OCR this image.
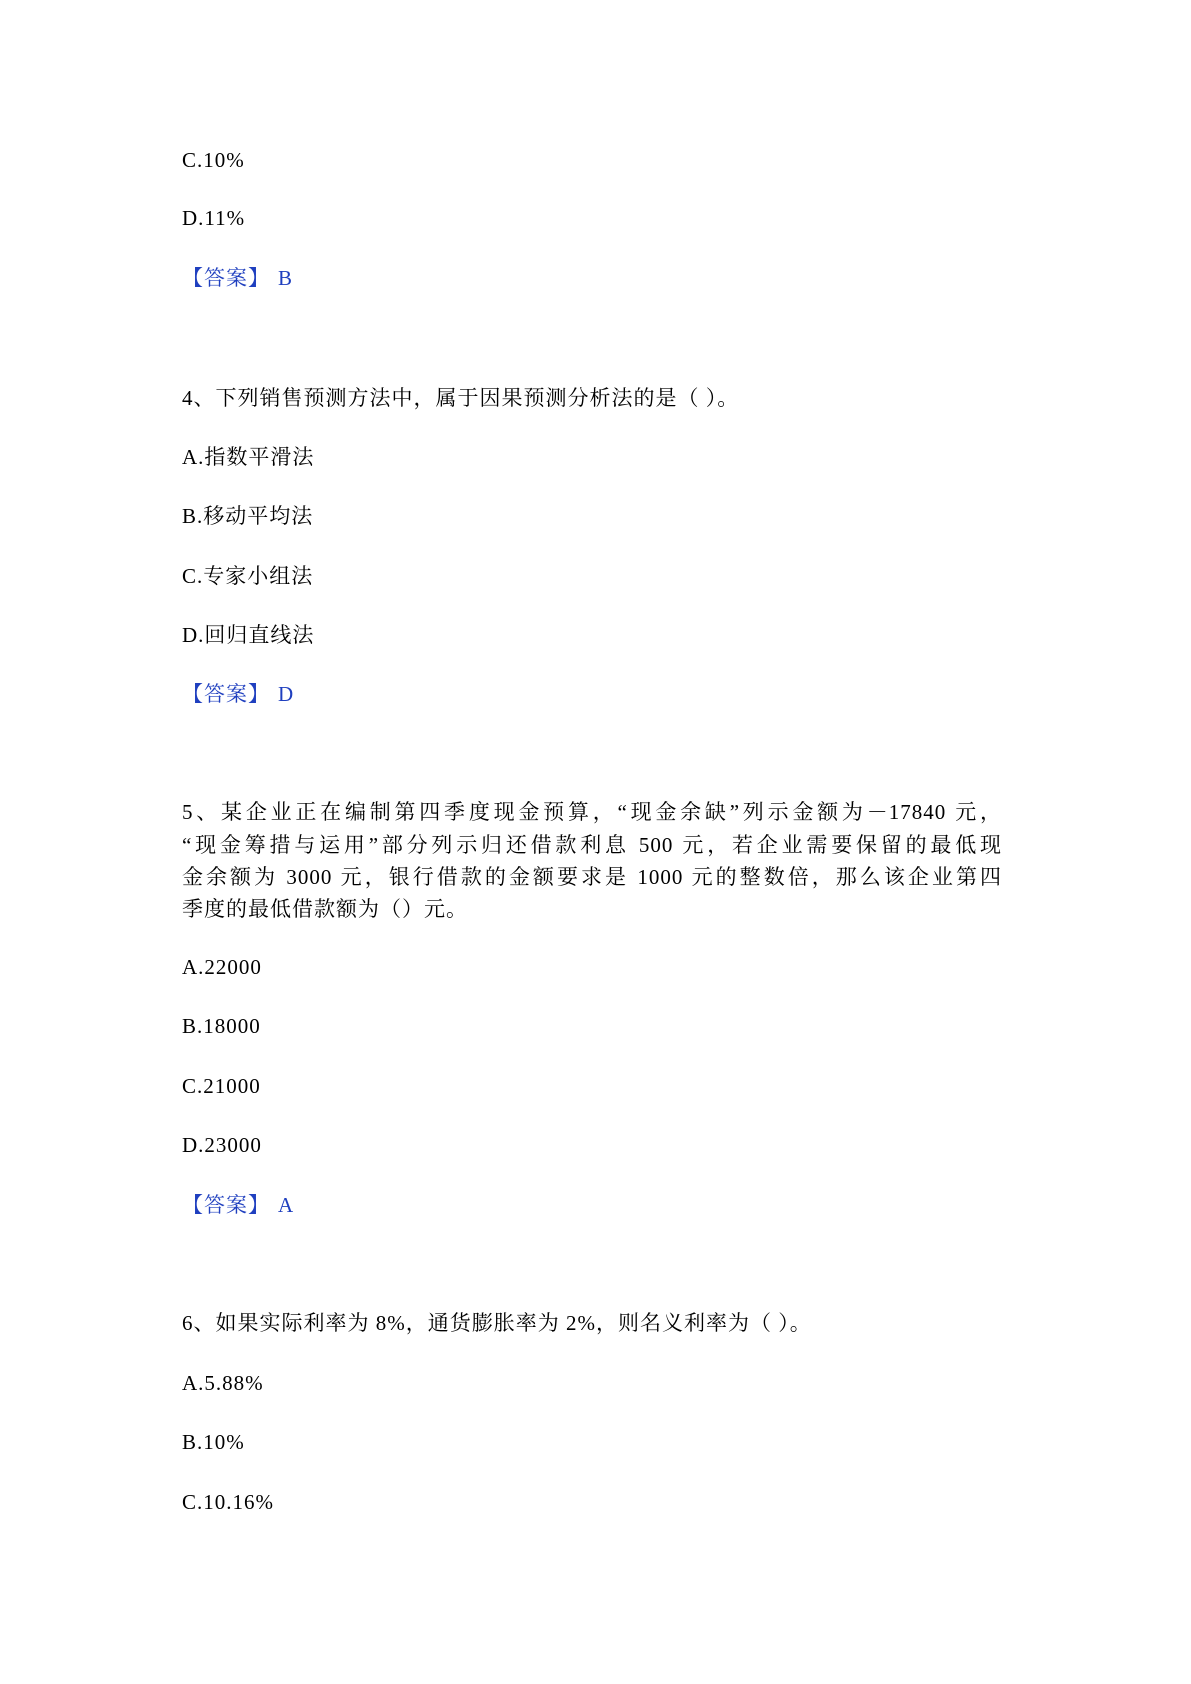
C.10%
D.11%
【答案】 B
4、下列销售预测方法中，属于因果预测分析法的是（ ）。
A.指数平滑法
B.移动平均法
C.专家小组法
D.回归直线法
【答案】 D
5、某企业正在编制第四季度现金预算，“现金余缺”列示金额为－17840 元，
“现金筹措与运用”部分列示归还借款利息 500 元，若企业需要保留的最低现
金余额为 3000 元，银行借款的金额要求是 1000 元的整数倍，那么该企业第四
季度的最低借款额为（）元。
A.22000
B.18000
C.21000
D.23000
【答案】 A
6、如果实际利率为 8%，通货膨胀率为 2%，则名义利率为（ ）。
A.5.88%
B.10%
C.10.16%
